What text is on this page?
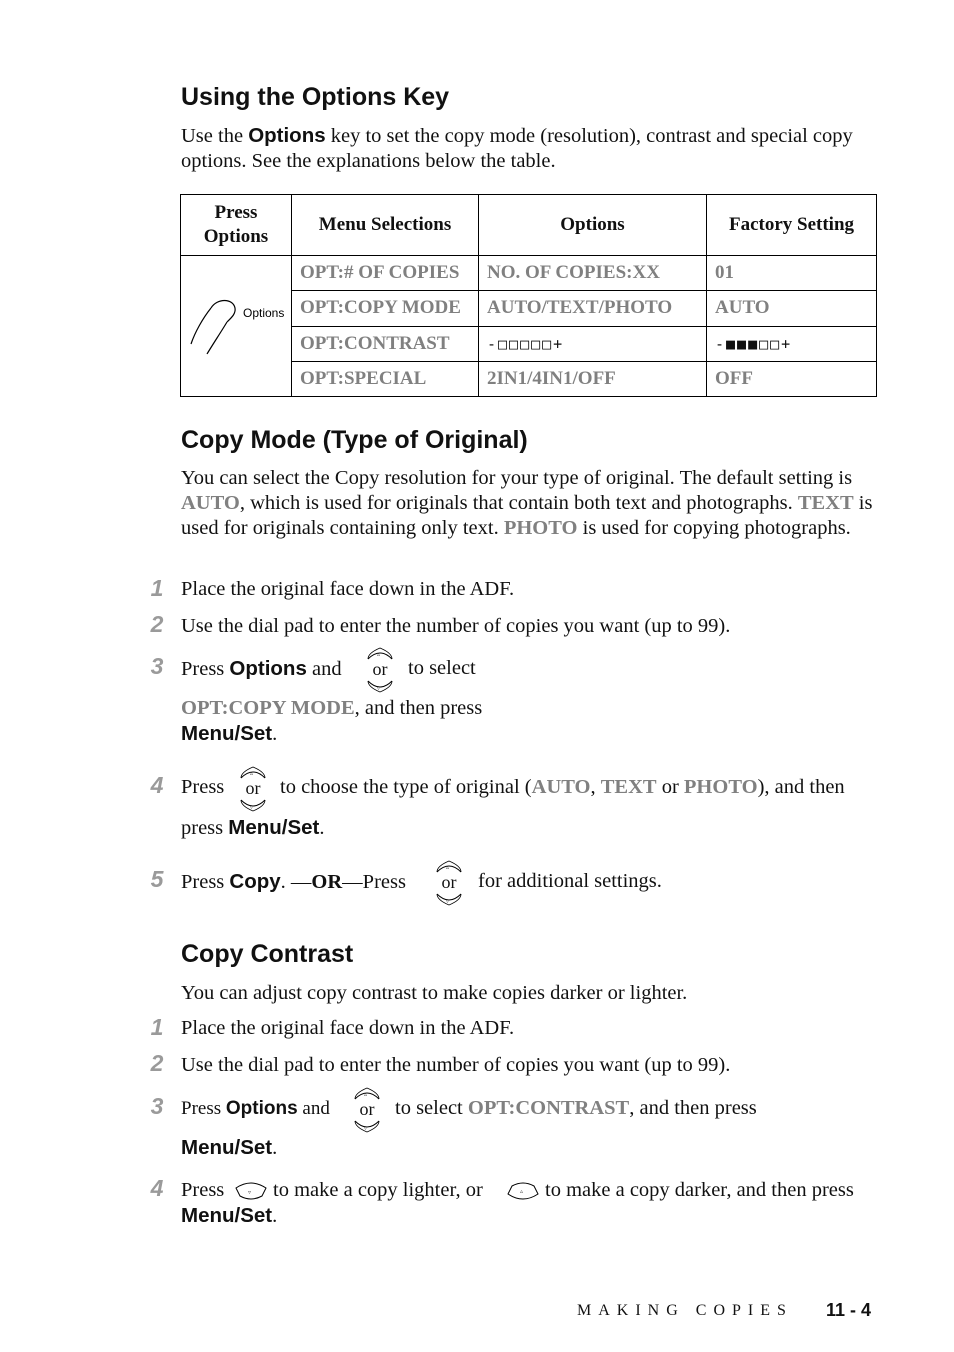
Using the Options Key
Use the Options key to set the copy mode (resolution), contrast and special copy options. See the explanations below the table.
Press Options	Menu Selections	Options	Factory Setting

Options	OPT:# OF COPIES	NO. OF COPIES:XX	01
	OPT:COPY MODE	AUTO/TEXT/PHOTO	AUTO
	OPT:CONTRAST	-□□□□□+	-■■■□□+
	OPT:SPECIAL	2IN1/4IN1/OFF	OFF
Copy Mode (Type of Original)
You can select the Copy resolution for your type of original. The default setting is AUTO, which is used for originals that contain both text and photographs. TEXT is used for originals containing only text. PHOTO is used for copying photographs.
1 Place the original face down in the ADF.
2 Use the dial pad to enter the number of copies you want (up to 99).
3 Press Options and
▵
or
▿
to select
OPT:COPY MODE, and then press
Menu/Set.
4 Press
▵
or
▿
to choose the type of original (AUTO, TEXT or PHOTO), and then
press Menu/Set.
5 Press Copy. —OR—Press
▵
or
▿
for additional settings.
Copy Contrast
You can adjust copy contrast to make copies darker or lighter.
1 Place the original face down in the ADF.
2 Use the dial pad to enter the number of copies you want (up to 99).
3 Press Options and
▵
or
▿
to select OPT:CONTRAST, and then press
Menu/Set.
4 Press	▿ to make a copy lighter, or	▵ to make a copy darker, and then press
Menu/Set.
MAKING COPIES 11 - 4
